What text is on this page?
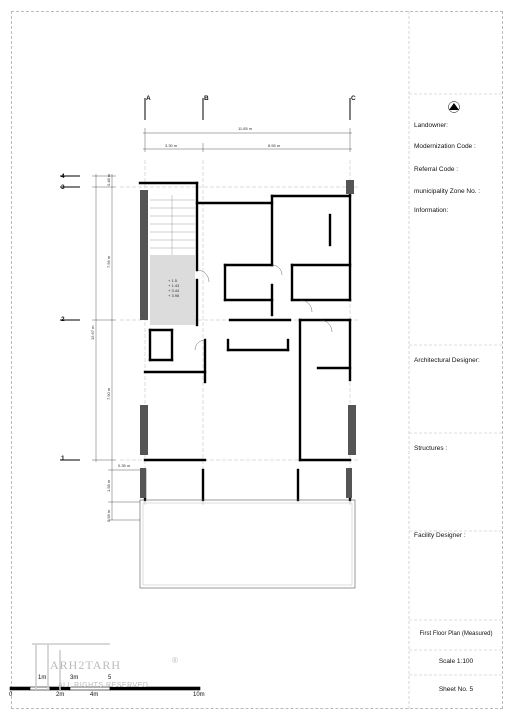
A	B	C
2
1
4
3
11.85 m
3.30 m	8.55 m
15.67 m
0.48 m
7.56 m
7.90 m
0.35 m
1.58 m
0.58 m
+ 1.5
+ 1.43
+ 3.44
+ 3.96
Landowner:
Modernization Code :
Referral Code :
municipality Zone No. :
Information:
Architectural Designer:
Structures :
Facility Designer :
First Floor Plan (Measured)
Scale 1:100
Sheet No. 5
ARH2TARH	®
ALL RIGHTS RESERVED
1m	3m	5
0	2m	4m	10m
